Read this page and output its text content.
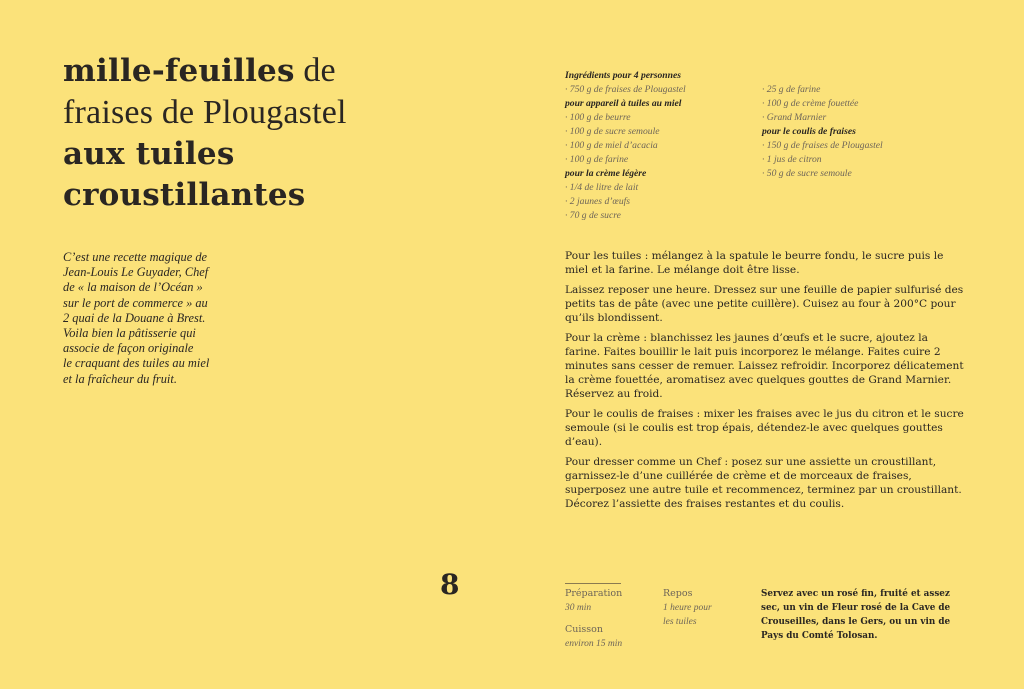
mille-feuilles de
fraises de Plougastel
aux tuiles
croustillantes
C’est une recette magique de
Jean-Louis Le Guyader, Chef
de « la maison de l’Océan »
sur le port de commerce » au
2 quai de la Douane à Brest.
Voila bien la pâtisserie qui
associe de façon originale
le craquant des tuiles au miel
et la fraîcheur du fruit.
Ingrédients pour 4 personnes
· 750 g de fraises de Plougastel
pour appareil à tuiles au miel
· 100 g de beurre
· 100 g de sucre semoule
· 100 g de miel d’acacia
· 100 g de farine
pour la crème légère
· 1/4 de litre de lait
· 2 jaunes d’œufs
· 70 g de sucre
· 25 g de farine
· 100 g de crème fouettée
· Grand Marnier
pour le coulis de fraises
· 150 g de fraises de Plougastel
· 1 jus de citron
· 50 g de sucre semoule

Pour les tuiles : mélangez à la spatule le beurre fondu, le sucre puis le miel et la farine. Le mélange doit être lisse.

Laissez reposer une heure. Dressez sur une feuille de papier sulfurisé des petits tas de pâte (avec une petite cuillère). Cuisez au four à 200°C pour qu’ils blondissent.

Pour la crème : blanchissez les jaunes d’œufs et le sucre, ajoutez la farine. Faites bouillir le lait puis incorporez le mélange. Faites cuire 2 minutes sans cesser de remuer. Laissez refroidir. Incorporez délicatement la crème fouettée, aromatisez avec quelques gouttes de Grand Marnier. Réservez au froid.

Pour le coulis de fraises : mixer les fraises avec le jus du citron et le sucre semoule (si le coulis est trop épais, détendez-le avec quelques gouttes d’eau).

Pour dresser comme un Chef : posez sur une assiette un croustillant, garnissez-le d’une cuillérée de crème et de morceaux de fraises, superposez une autre tuile et recommencez, terminez par un croustillant. Décorez l’assiette des fraises restantes et du coulis.

8	Préparation
30 min
Cuisson
environ 15 min
Repos
1 heure pour
les tuiles
Servez avec un rosé fin, fruité et assez
sec, un vin de Fleur rosé de la Cave de
Crouseilles, dans le Gers, ou un vin de
Pays du Comté Tolosan.
